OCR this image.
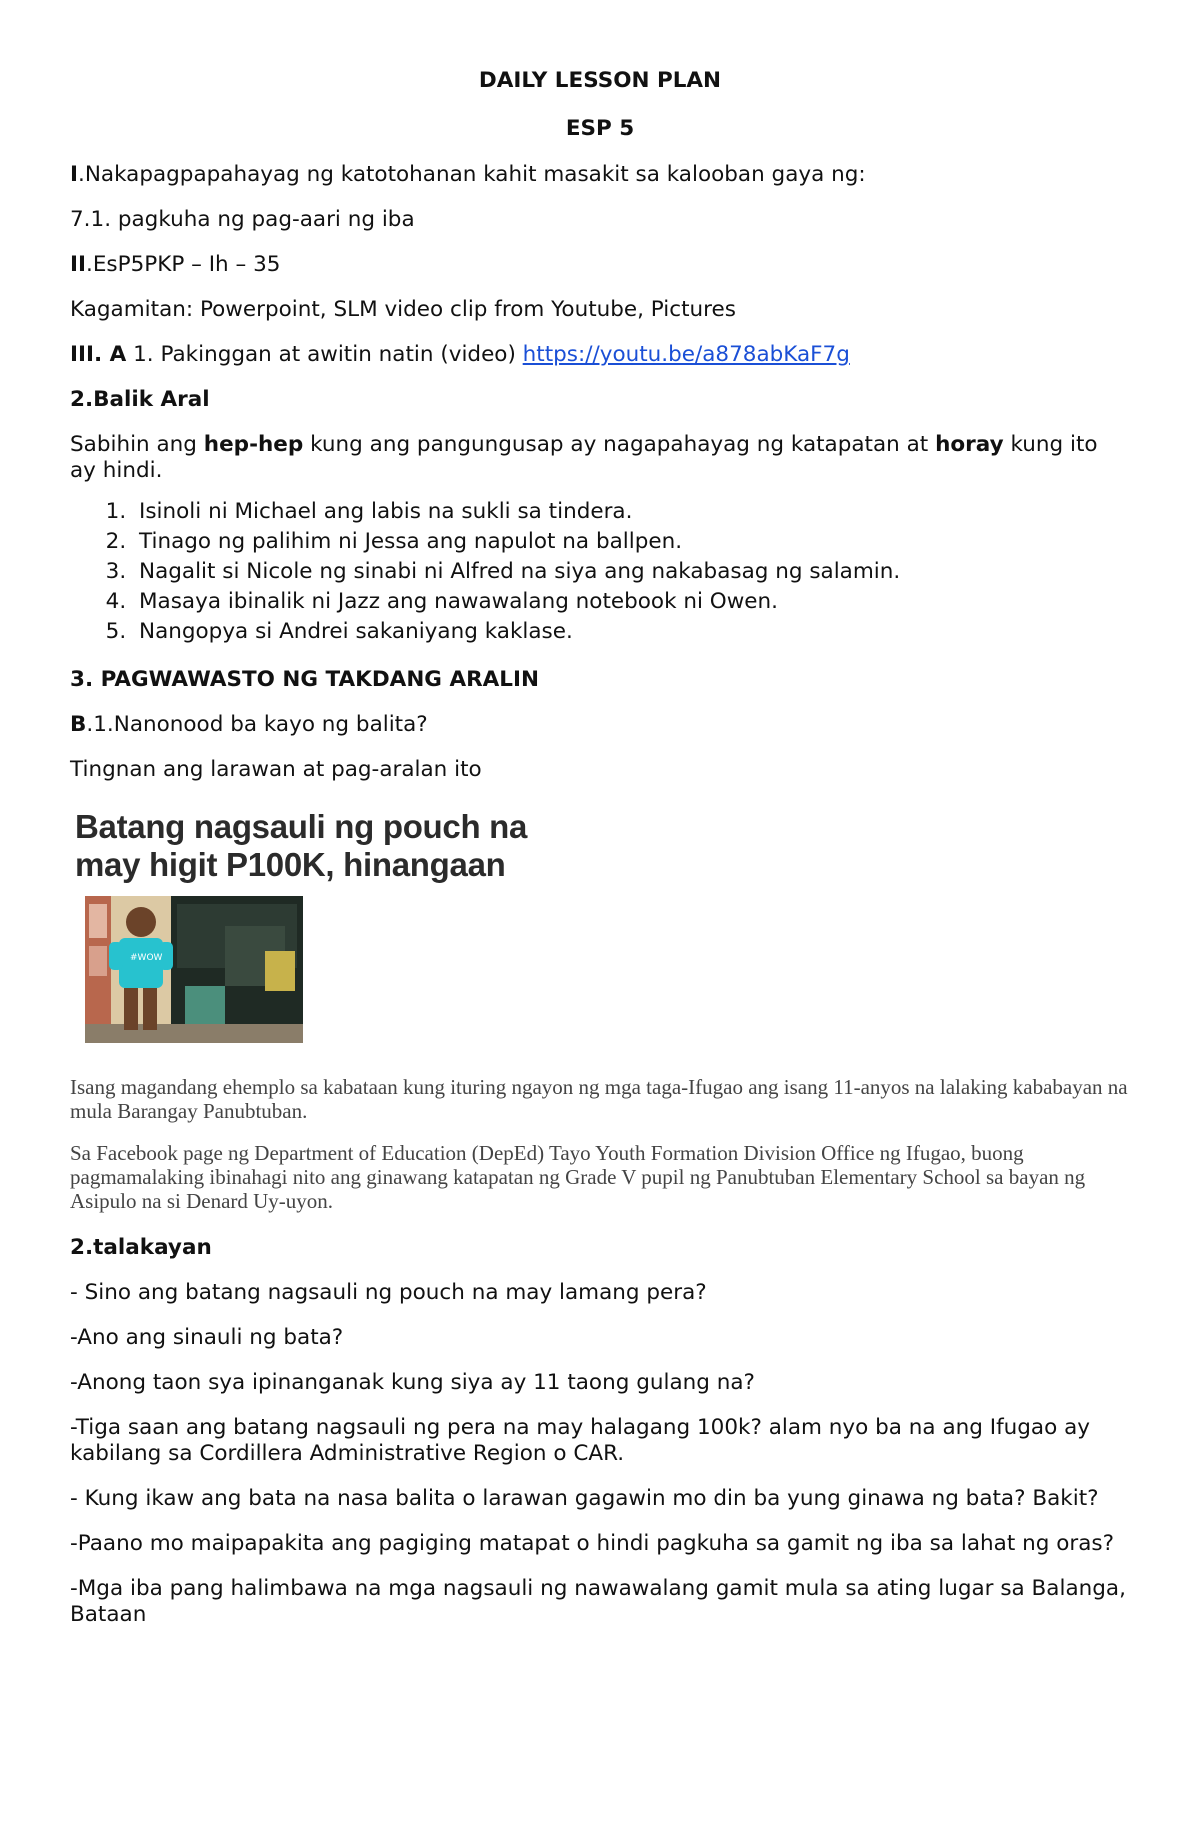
DAILY LESSON PLAN
ESP 5

I.Nakapagpapahayag ng katotohanan kahit masakit sa kalooban gaya ng:

7.1. pagkuha ng pag-aari ng iba

II.EsP5PKP – Ih – 35

Kagamitan: Powerpoint, SLM video clip from Youtube, Pictures

III. A 1. Pakinggan at awitin natin (video) https://youtu.be/a878abKaF7g

2.Balik Aral

Sabihin ang hep-hep kung ang pangungusap ay nagapahayag ng katapatan at horay kung ito ay hindi.

1. Isinoli ni Michael ang labis na sukli sa tindera.
2. Tinago ng palihim ni Jessa ang napulot na ballpen.
3. Nagalit si Nicole ng sinabi ni Alfred na siya ang nakabasag ng salamin.
4. Masaya ibinalik ni Jazz ang nawawalang notebook ni Owen.
5. Nangopya si Andrei sakaniyang kaklase.

3. PAGWAWASTO NG TAKDANG ARALIN

B.1.Nanonood ba kayo ng balita?

Tingnan ang larawan at pag-aralan ito

Batang nagsauli ng pouch na
may higit P100K, hinangaan
#WOW

Isang magandang ehemplo sa kabataan kung ituring ngayon ng mga taga-Ifugao ang isang 11-anyos na lalaking kababayan na mula Barangay Panubtuban.

Sa Facebook page ng Department of Education (DepEd) Tayo Youth Formation Division Office ng Ifugao, buong pagmamalaking ibinahagi nito ang ginawang katapatan ng Grade V pupil ng Panubtuban Elementary School sa bayan ng Asipulo na si Denard Uy-uyon.

2.talakayan

- Sino ang batang nagsauli ng pouch na may lamang pera?

-Ano ang sinauli ng bata?

-Anong taon sya ipinanganak kung siya ay 11 taong gulang na?

-Tiga saan ang batang nagsauli ng pera na may halagang 100k? alam nyo ba na ang Ifugao ay kabilang sa Cordillera Administrative Region o CAR.

- Kung ikaw ang bata na nasa balita o larawan gagawin mo din ba yung ginawa ng bata? Bakit?

-Paano mo maipapakita ang pagiging matapat o hindi pagkuha sa gamit ng iba sa lahat ng oras?

-Mga iba pang halimbawa na mga nagsauli ng nawawalang gamit mula sa ating lugar sa Balanga, Bataan
